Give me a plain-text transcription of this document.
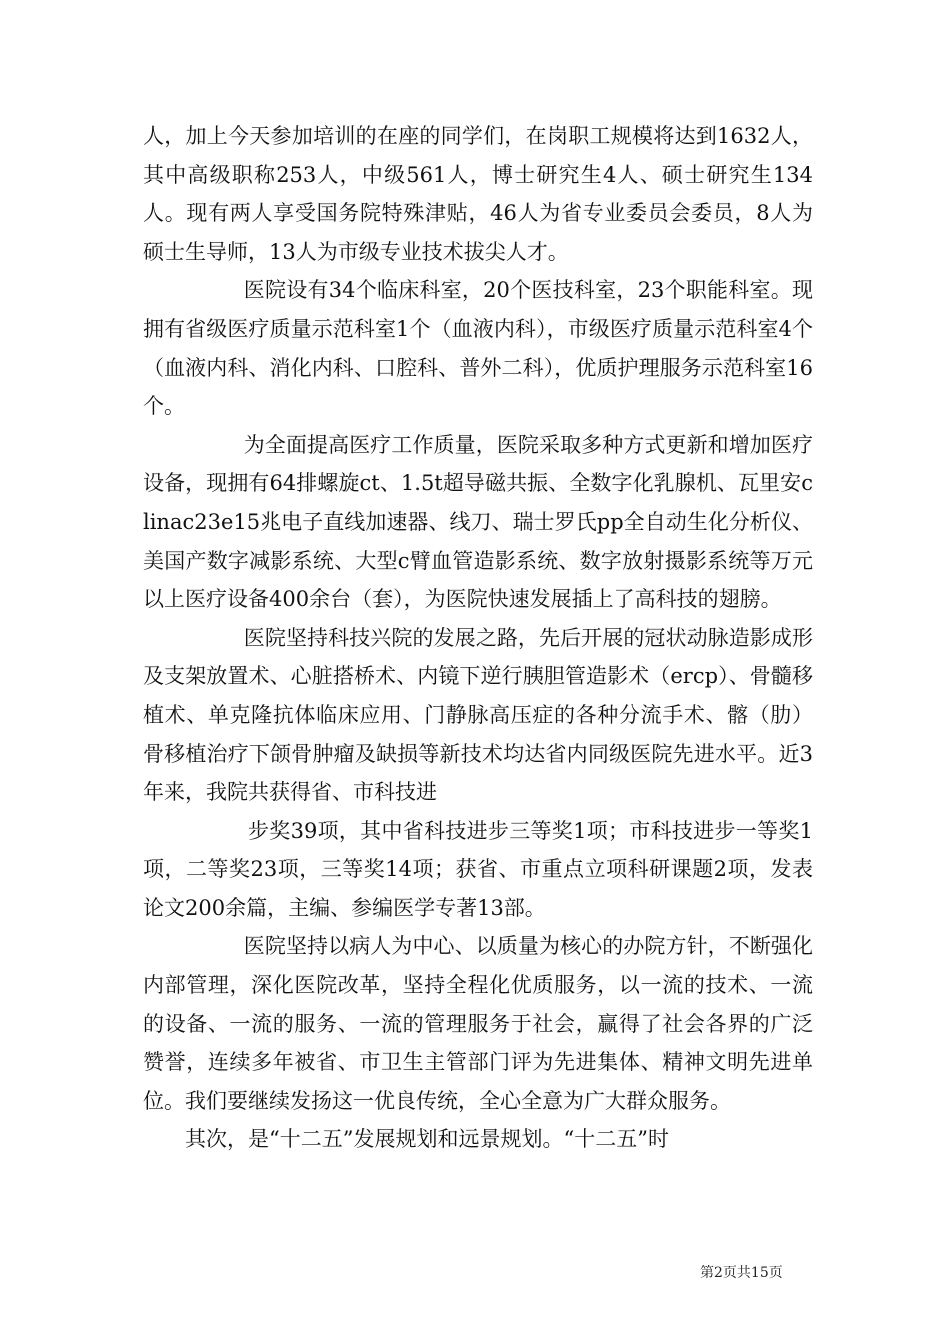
人，加上今天参加培训的在座的同学们，在岗职工规模将达到1632人，其中高级职称253人，中级561人，博士研究生4人、硕士研究生134人。现有两人享受国务院特殊津贴，46人为省专业委员会委员，8人为硕士生导师，13人为市级专业技术拔尖人才。

医院设有34个临床科室，20个医技科室，23个职能科室。现拥有省级医疗质量示范科室1个（血液内科），市级医疗质量示范科室4个（血液内科、消化内科、口腔科、普外二科），优质护理服务示范科室16个。

为全面提高医疗工作质量，医院采取多种方式更新和增加医疗设备，现拥有64排螺旋ct、1.5t超导磁共振、全数字化乳腺机、瓦里安clinac23e15兆电子直线加速器、线刀、瑞士罗氏pp全自动生化分析仪、美国产数字减影系统、大型c臂血管造影系统、数字放射摄影系统等万元以上医疗设备400余台（套），为医院快速发展插上了高科技的翅膀。

医院坚持科技兴院的发展之路，先后开展的冠状动脉造影成形及支架放置术、心脏搭桥术、内镜下逆行胰胆管造影术（ercp）、骨髓移植术、单克隆抗体临床应用、门静脉高压症的各种分流手术、髂（肋）骨移植治疗下颌骨肿瘤及缺损等新技术均达省内同级医院先进水平。近3年来，我院共获得省、市科技进

步奖39项，其中省科技进步三等奖1项；市科技进步一等奖1项，二等奖23项，三等奖14项；获省、市重点立项科研课题2项，发表论文200余篇，主编、参编医学专著13部。

医院坚持以病人为中心、以质量为核心的办院方针，不断强化内部管理，深化医院改革，坚持全程化优质服务，以一流的技术、一流的设备、一流的服务、一流的管理服务于社会，赢得了社会各界的广泛赞誉，连续多年被省、市卫生主管部门评为先进集体、精神文明先进单位。我们要继续发扬这一优良传统，全心全意为广大群众服务。

其次，是“十二五”发展规划和远景规划。“十二五”时

第2页共15页
